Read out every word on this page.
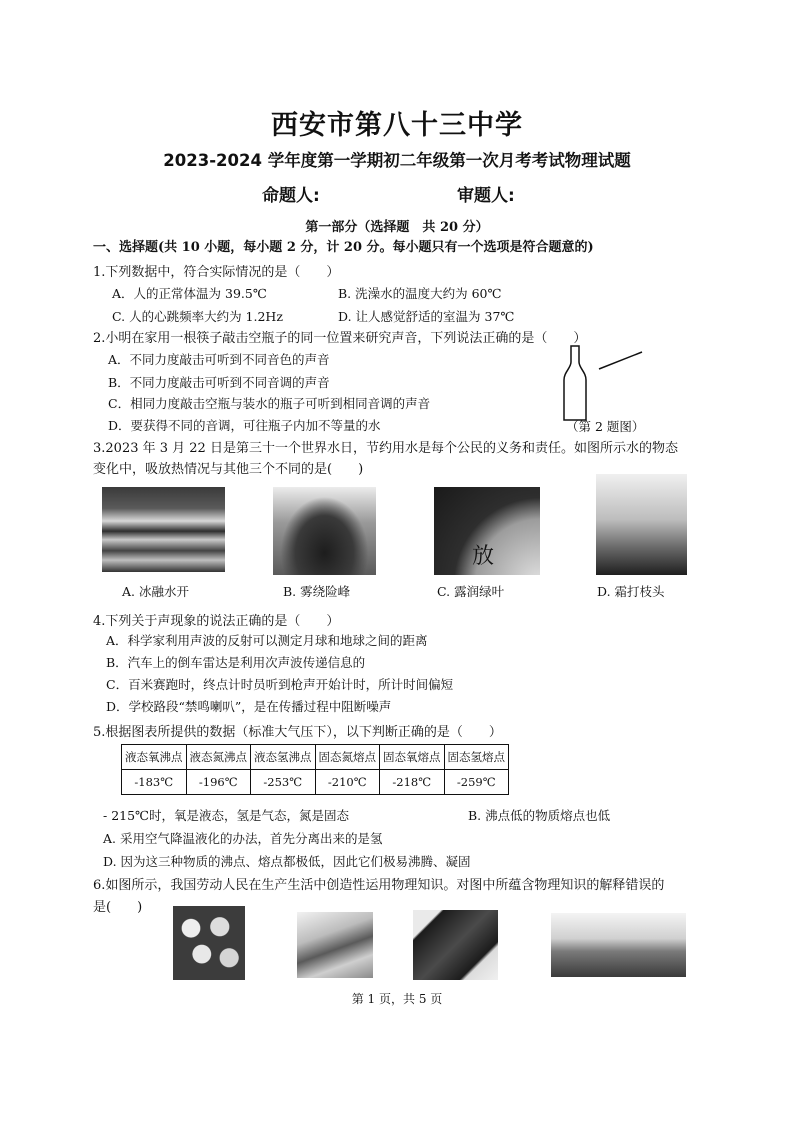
西安市第八十三中学
2023-2024 学年度第一学期初二年级第一次月考考试物理试题
命题人:	审题人:
第一部分（选择题　共 20 分）
一、选择题(共 10 小题，每小题 2 分，计 20 分。每小题只有一个选项是符合题意的)
1.下列数据中，符合实际情况的是（　　）
A．人的正常体温为 39.5℃	B. 洗澡水的温度大约为 60℃
C. 人的心跳频率大约为 1.2Hz	D. 让人感觉舒适的室温为 37℃
2.小明在家用一根筷子敲击空瓶子的同一位置来研究声音，下列说法正确的是（　　）
A．不同力度敲击可听到不同音色的声音
B．不同力度敲击可听到不同音调的声音
C．相同力度敲击空瓶与装水的瓶子可听到相同音调的声音
D．要获得不同的音调，可往瓶子内加不等量的水	（第 2 题图）
3.2023 年 3 月 22 日是第三十一个世界水日，节约用水是每个公民的义务和责任。如图所示水的物态
变化中，吸放热情况与其他三个不同的是(　　)
放
A. 冰融水开	B. 雾绕险峰	C. 露润绿叶	D. 霜打枝头
4.下列关于声现象的说法正确的是（　　）
A．科学家利用声波的反射可以测定月球和地球之间的距离
B．汽车上的倒车雷达是利用次声波传递信息的
C．百米赛跑时，终点计时员听到枪声开始计时，所计时间偏短
D．学校路段“禁鸣喇叭”，是在传播过程中阻断噪声
5.根据图表所提供的数据（标准大气压下），以下判断正确的是（　　）
液态氧沸点	液态氮沸点	液态氢沸点	固态氮熔点	固态氧熔点	固态氢熔点
-183℃	-196℃	-253℃	-210℃	-218℃	-259℃
- 215℃时，氧是液态，氢是气态，氮是固态	B. 沸点低的物质熔点也低
A. 采用空气降温液化的办法，首先分离出来的是氢
D. 因为这三种物质的沸点、熔点都极低，因此它们极易沸腾、凝固
6.如图所示，我国劳动人民在生产生活中创造性运用物理知识。对图中所蕴含物理知识的解释错误的
是(　　)
第 1 页，共 5 页
